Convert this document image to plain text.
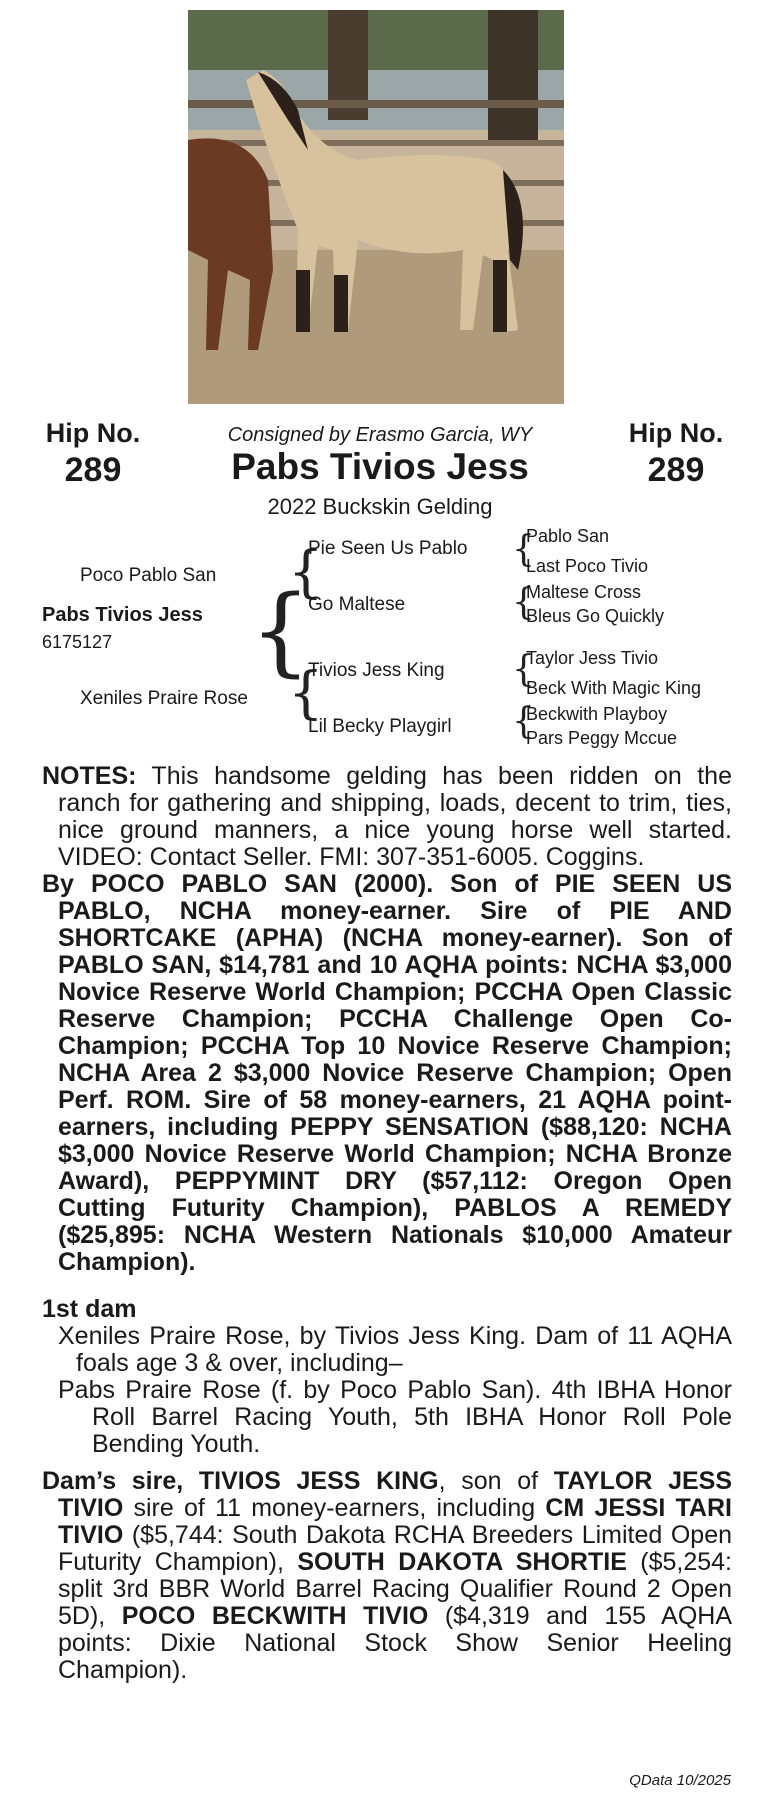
Hip No.
289
Hip No.
289
Consigned by Erasmo Garcia, WY
Pabs Tivios Jess
2022 Buckskin Gelding
Pabs Tivios Jess
6175127
Poco Pablo San
Xeniles Praire Rose
{
{
{
Pie Seen Us Pablo
Go Maltese
Tivios Jess King
Lil Becky Playgirl
{
{
{
{
Pablo San
Last Poco Tivio
Maltese Cross
Bleus Go Quickly
Taylor Jess Tivio
Beck With Magic King
Beckwith Playboy
Pars Peggy Mccue

NOTES: This handsome gelding has been ridden on the ranch for gathering and shipping, loads, decent to trim, ties, nice ground manners, a nice young horse well started. VIDEO: Contact Seller. FMI: 307-351-6005. Coggins.

By POCO PABLO SAN (2000). Son of PIE SEEN US PABLO, NCHA money-earner. Sire of PIE AND SHORTCAKE (APHA) (NCHA money-earner). Son of PABLO SAN, $14,781 and 10 AQHA points: NCHA $3,000 Novice Reserve World Champion; PCCHA Open Classic Reserve Champion; PCCHA Challenge Open Co-Champion; PCCHA Top 10 Novice Reserve Champion; NCHA Area 2 $3,000 Novice Reserve Champion; Open Perf. ROM. Sire of 58 money-earners, 21 AQHA point-earners, including PEPPY SENSATION ($88,120: NCHA $3,000 Novice Reserve World Champion; NCHA Bronze Award), PEPPYMINT DRY ($57,112: Oregon Open Cutting Futurity Champion), PABLOS A REMEDY ($25,895: NCHA Western Nationals $10,000 Amateur Champion).

1st dam

Xeniles Praire Rose, by Tivios Jess King. Dam of 11 AQHA foals age 3 & over, including–

Pabs Praire Rose (f. by Poco Pablo San). 4th IBHA Honor Roll Barrel Racing Youth, 5th IBHA Honor Roll Pole Bending Youth.

Dam’s sire, TIVIOS JESS KING, son of TAYLOR JESS TIVIO sire of 11 money-earners, including CM JESSI TARI TIVIO ($5,744: South Dakota RCHA Breeders Limited Open Futurity Champion), SOUTH DAKOTA SHORTIE ($5,254: split 3rd BBR World Barrel Racing Qualifier Round 2 Open 5D), POCO BECKWITH TIVIO ($4,319 and 155 AQHA points: Dixie National Stock Show Senior Heeling Champion).

QData 10/2025
